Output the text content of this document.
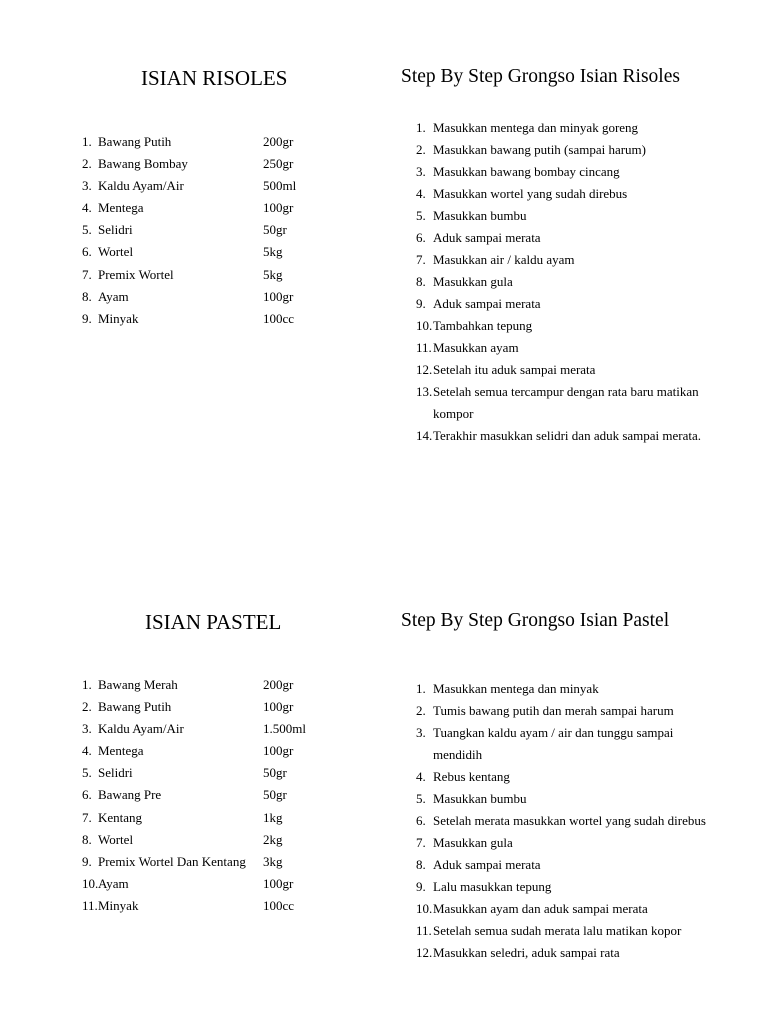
ISIAN RISOLES	Step By Step Grongso Isian Risoles
1. Bawang Putih	200gr
2. Bawang Bombay	250gr
3. Kaldu Ayam/Air	500ml
4. Mentega	100gr
5. Selidri	50gr
6. Wortel	5kg
7. Premix Wortel	5kg
8. Ayam	100gr
9. Minyak	100cc
1. Masukkan mentega dan minyak goreng
2. Masukkan bawang putih (sampai harum)
3. Masukkan bawang bombay cincang
4. Masukkan wortel yang sudah direbus
5. Masukkan bumbu
6. Aduk sampai merata
7. Masukkan air / kaldu ayam
8. Masukkan gula
9. Aduk sampai merata
10. Tambahkan tepung
11. Masukkan ayam
12. Setelah itu aduk sampai merata
13. Setelah semua tercampur dengan rata baru matikan kompor
14. Terakhir masukkan selidri dan aduk sampai merata.
ISIAN PASTEL	Step By Step Grongso Isian Pastel
1. Bawang Merah	200gr
2. Bawang Putih	100gr
3. Kaldu Ayam/Air	1.500ml
4. Mentega	100gr
5. Selidri	50gr
6. Bawang Pre	50gr
7. Kentang	1kg
8. Wortel	2kg
9. Premix Wortel Dan Kentang 3kg
10. Ayam	100gr
11. Minyak	100cc
1. Masukkan mentega dan minyak
2. Tumis bawang putih dan merah sampai harum
3. Tuangkan kaldu ayam / air dan tunggu sampai mendidih
4. Rebus kentang
5. Masukkan bumbu
6. Setelah merata masukkan wortel yang sudah direbus
7. Masukkan gula
8. Aduk sampai merata
9. Lalu masukkan tepung
10. Masukkan ayam dan aduk sampai merata
11. Setelah semua sudah merata lalu matikan kopor
12. Masukkan seledri, aduk sampai rata
